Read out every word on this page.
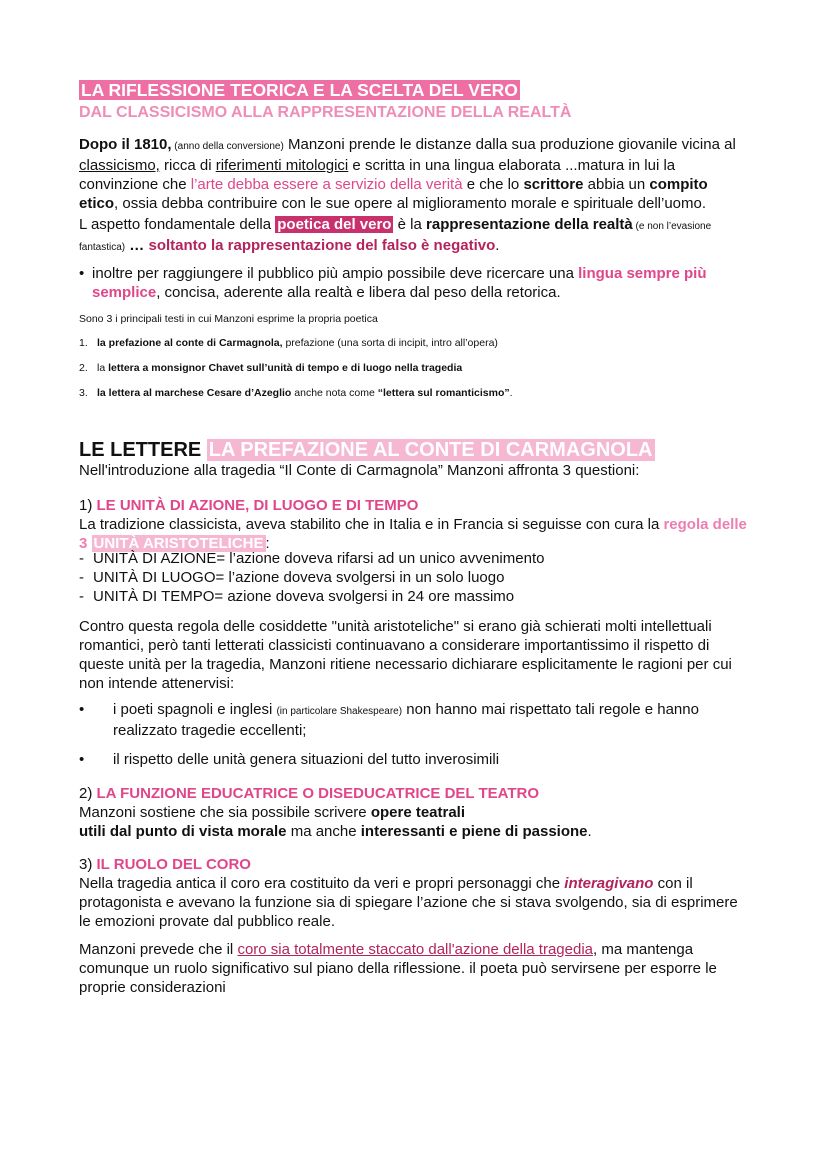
LA RIFLESSIONE TEORICA E LA SCELTA DEL VERO
DAL CLASSICISMO ALLA RAPPRESENTAZIONE DELLA REALTÀ
Dopo il 1810, (anno della conversione) Manzoni prende le distanze dalla sua produzione giovanile vicina al classicismo, ricca di riferimenti mitologici e scritta in una lingua elaborata ...matura in lui la convinzione che l’arte debba essere a servizio della verità e che lo scrittore abbia un compito etico, ossia debba contribuire con le sue opere al miglioramento morale e spirituale dell’uomo.
L aspetto fondamentale della poetica del vero è la rappresentazione della realtà (e non l’evasione fantastica) … soltanto la rappresentazione del falso è negativo.
• inoltre per raggiungere il pubblico più ampio possibile deve ricercare una lingua sempre più semplice, concisa, aderente alla realtà e libera dal peso della retorica.
Sono 3 i principali testi in cui Manzoni esprime la propria poetica
1. la prefazione al conte di Carmagnola, prefazione (una sorta di incipit, intro all’opera)
2. la lettera a monsignor Chavet sull’unità di tempo e di luogo nella tragedia
3. la lettera al marchese Cesare d’Azeglio anche nota come “lettera sul romanticismo”.
LE LETTERE LA PREFAZIONE AL CONTE DI CARMAGNOLA
Nell'introduzione alla tragedia “Il Conte di Carmagnola” Manzoni affronta 3 questioni:
1) LE UNITÀ DI AZIONE, DI LUOGO E DI TEMPO
La tradizione classicista, aveva stabilito che in Italia e in Francia si seguisse con cura la regola delle 3 UNITÀ ARISTOTELICHE :
- UNITÀ DI AZIONE= l’azione doveva rifarsi ad un unico avvenimento
- UNITÀ DI LUOGO= l’azione doveva svolgersi in un solo luogo
- UNITÀ DI TEMPO= azione doveva svolgersi in 24 ore massimo
Contro questa regola delle cosiddette "unità aristoteliche" si erano già schierati molti intellettuali romantici, però tanti letterati classicisti continuavano a considerare importantissimo il rispetto di queste unità per la tragedia, Manzoni ritiene necessario dichiarare esplicitamente le ragioni per cui non intende attenervisi:
• i poeti spagnoli e inglesi (in particolare Shakespeare) non hanno mai rispettato tali regole e hanno realizzato tragedie eccellenti;
• il rispetto delle unità genera situazioni del tutto inverosimili
2) LA FUNZIONE EDUCATRICE O DISEDUCATRICE DEL TEATRO
Manzoni sostiene che sia possibile scrivere opere teatrali
utili dal punto di vista morale ma anche interessanti e piene di passione.
3) IL RUOLO DEL CORO
Nella tragedia antica il coro era costituito da veri e propri personaggi che interagivano con il protagonista e avevano la funzione sia di spiegare l’azione che si stava svolgendo, sia di esprimere le emozioni provate dal pubblico reale.
Manzoni prevede che il coro sia totalmente staccato dall'azione della tragedia, ma mantenga comunque un ruolo significativo sul piano della riflessione. il poeta può servirsene per esporre le proprie considerazioni
